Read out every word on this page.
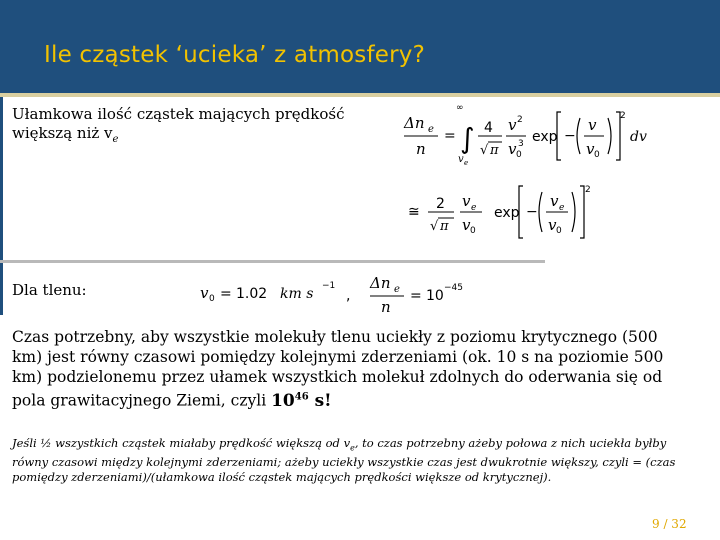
Ile cząstek ‘ucieka’ z atmosfery?
Ułamkowa ilość cząstek mających prędkość większą niż $v_e$
Δn e
n
= ∫
∞
v e
4
√ π
v 2
v 0
3 exp −
v
v 0
2
dv
≅ 2
√ π
v e
v 0
exp −
v e
v 0
2
Dla tlenu:	v 0 = 1.02 km s −1
,
Δn e
n
= 10 −45
Czas potrzebny, aby wszystkie molekuły tlenu uciekły z poziomu krytycznego (500 km) jest równy czasowi pomiędzy kolejnymi zderzeniami (ok. 10 s na poziomie 500 km) podzielonemu przez ułamek wszystkich molekuł zdolnych do oderwania się od pola grawitacyjnego Ziemi, czyli $10^{46}$ s!
Jeśli ½ wszystkich cząstek miałaby prędkość większą od $v_e$, to czas potrzebny ażeby połowa z nich uciekła byłby równy czasowi między kolejnymi zderzeniami; ażeby uciekły wszystkie czas jest dwukrotnie większy, czyli = (czas pomiędzy zderzeniami)/(ułamkowa ilość cząstek mających prędkości większe od krytycznej).
9 / 32
